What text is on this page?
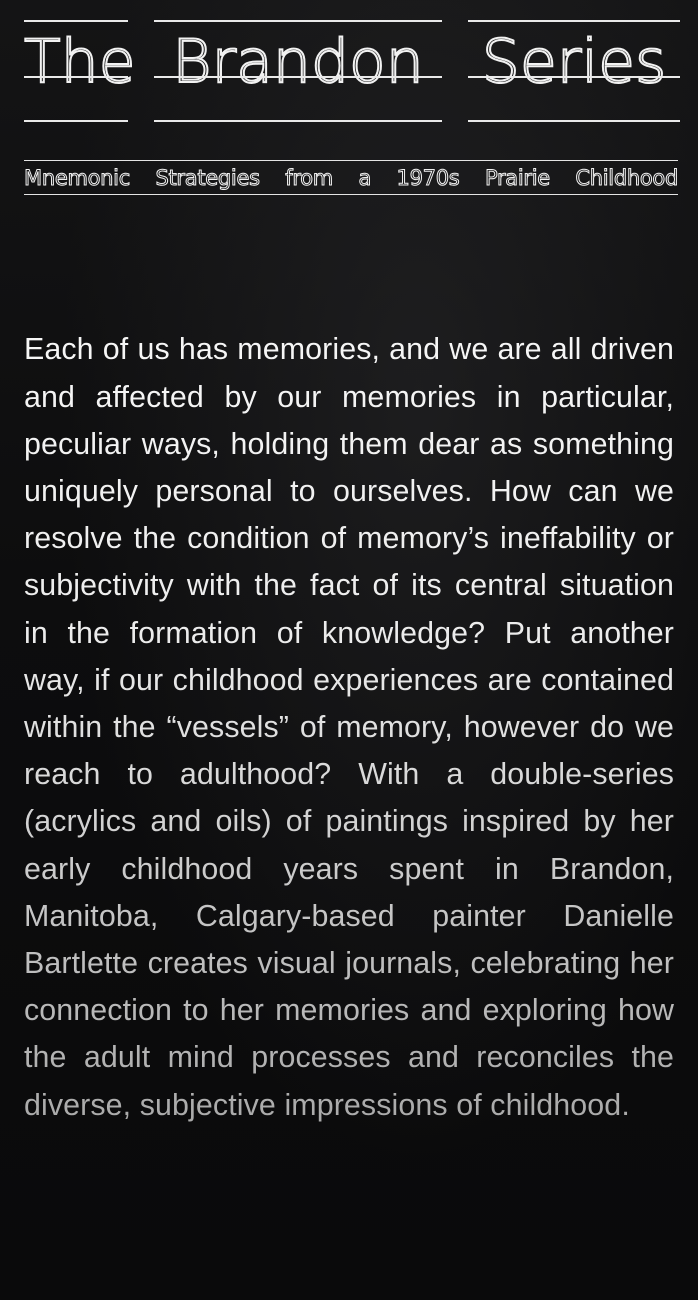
The Brandon Series
Mnemonic Strategies from a 1970s Prairie Childhood

Each of us has memories, and we are all driven and affected by our memories in particular, peculiar ways, holding them dear as something uniquely personal to ourselves. How can we resolve the condition of memory’s ineffability or subjectivity with the fact of its central situation in the formation of knowledge? Put another way, if our childhood experiences are contained within the “vessels” of memory, however do we reach to adulthood? With a double-series (acrylics and oils) of paintings inspired by her early childhood years spent in Brandon, Manitoba, Calgary-based painter Danielle Bartlette creates visual journals, celebrating her connection to her memories and exploring how the adult mind processes and reconciles the diverse, subjective impressions of childhood.
